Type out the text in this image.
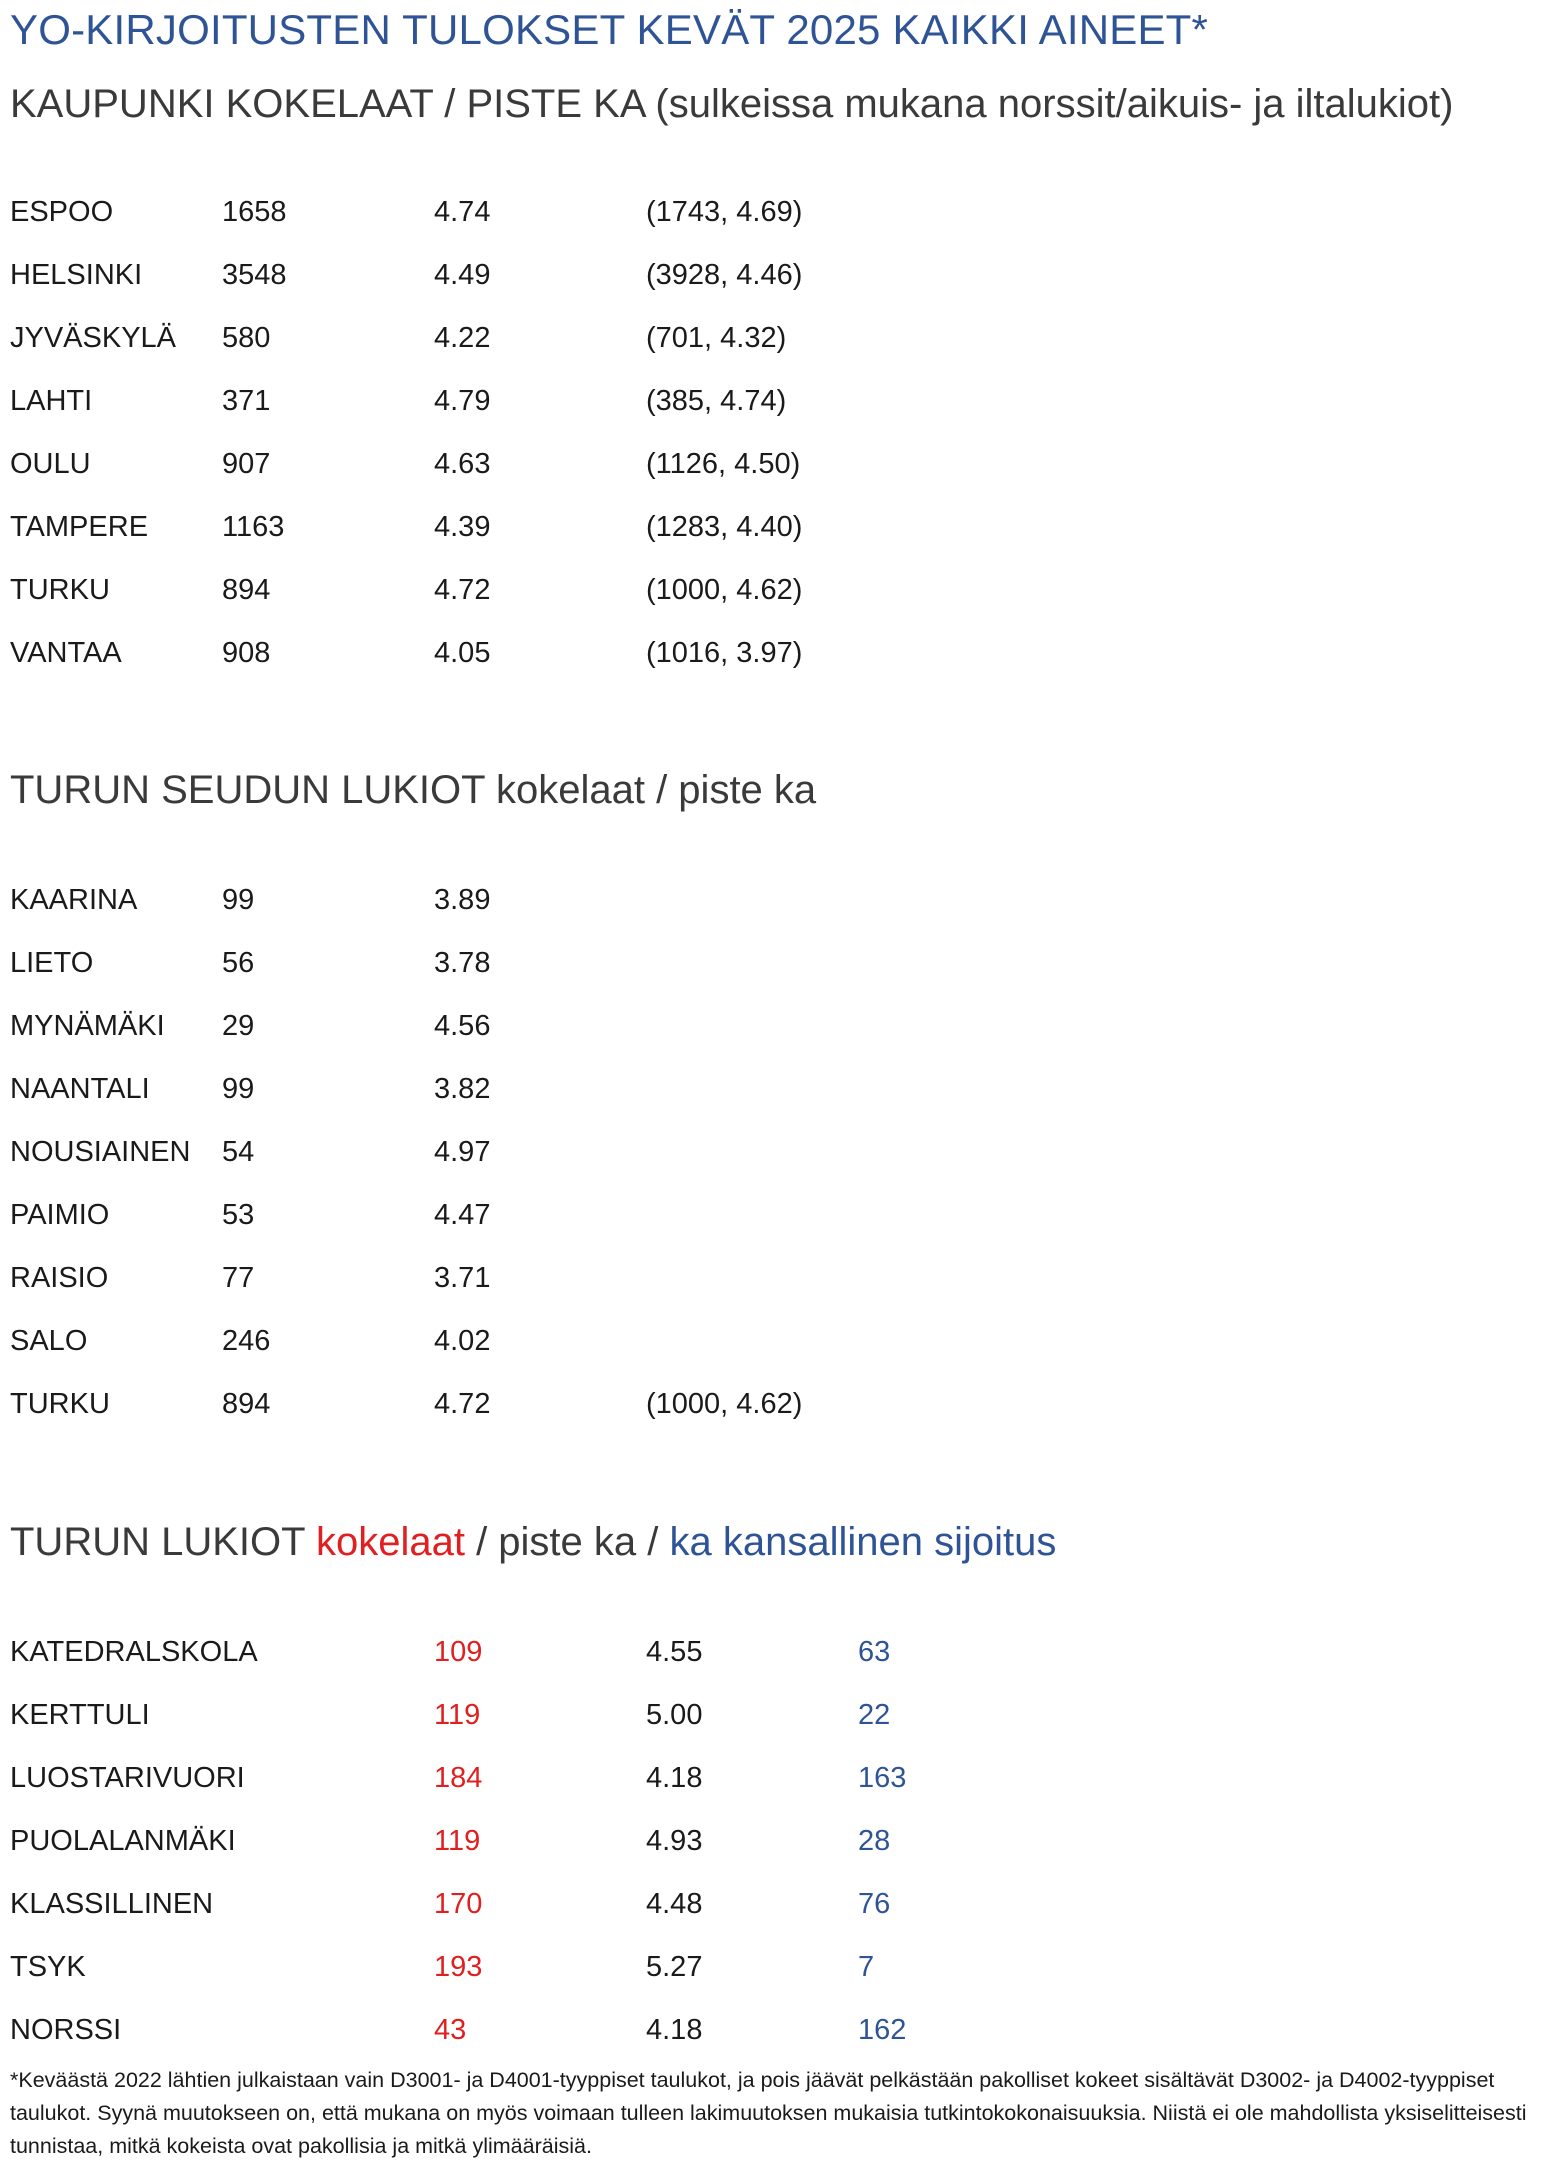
YO-KIRJOITUSTEN TULOKSET KEVÄT 2025 KAIKKI AINEET*
KAUPUNKI KOKELAAT / PISTE KA (sulkeissa mukana norssit/aikuis- ja iltalukiot)
ESPOO	1658	4.74	(1743, 4.69)
HELSINKI	3548	4.49	(3928, 4.46)
JYVÄSKYLÄ 580	4.22	(701, 4.32)
LAHTI	371	4.79	(385, 4.74)
OULU	907	4.63	(1126, 4.50)
TAMPERE	1163	4.39	(1283, 4.40)
TURKU	894	4.72	(1000, 4.62)
VANTAA	908	4.05	(1016, 3.97)
TURUN SEUDUN LUKIOT kokelaat / piste ka
KAARINA	99	3.89
LIETO	56	3.78
MYNÄMÄKI 29	4.56
NAANTALI 99	3.82
NOUSIAINEN 54	4.97
PAIMIO	53	4.47
RAISIO	77	3.71
SALO	246	4.02
TURKU	894	4.72	(1000, 4.62)
TURUN LUKIOT kokelaat / piste ka / ka kansallinen sijoitus
KATEDRALSKOLA	109	4.55	63
KERTTULI	119	5.00	22
LUOSTARIVUORI	184	4.18	163
PUOLALANMÄKI	119	4.93	28
KLASSILLINEN	170	4.48	76
TSYK	193	5.27	7
NORSSI	43	4.18	162
*Keväästä 2022 lähtien julkaistaan vain D3001- ja D4001-tyyppiset taulukot, ja pois jäävät pelkästään pakolliset kokeet sisältävät D3002- ja D4002-tyyppiset taulukot. Syynä muutokseen on, että mukana on myös voimaan tulleen lakimuutoksen mukaisia tutkintokokonaisuuksia. Niistä ei ole mahdollista yksiselitteisesti tunnistaa, mitkä kokeista ovat pakollisia ja mitkä ylimääräisiä.
